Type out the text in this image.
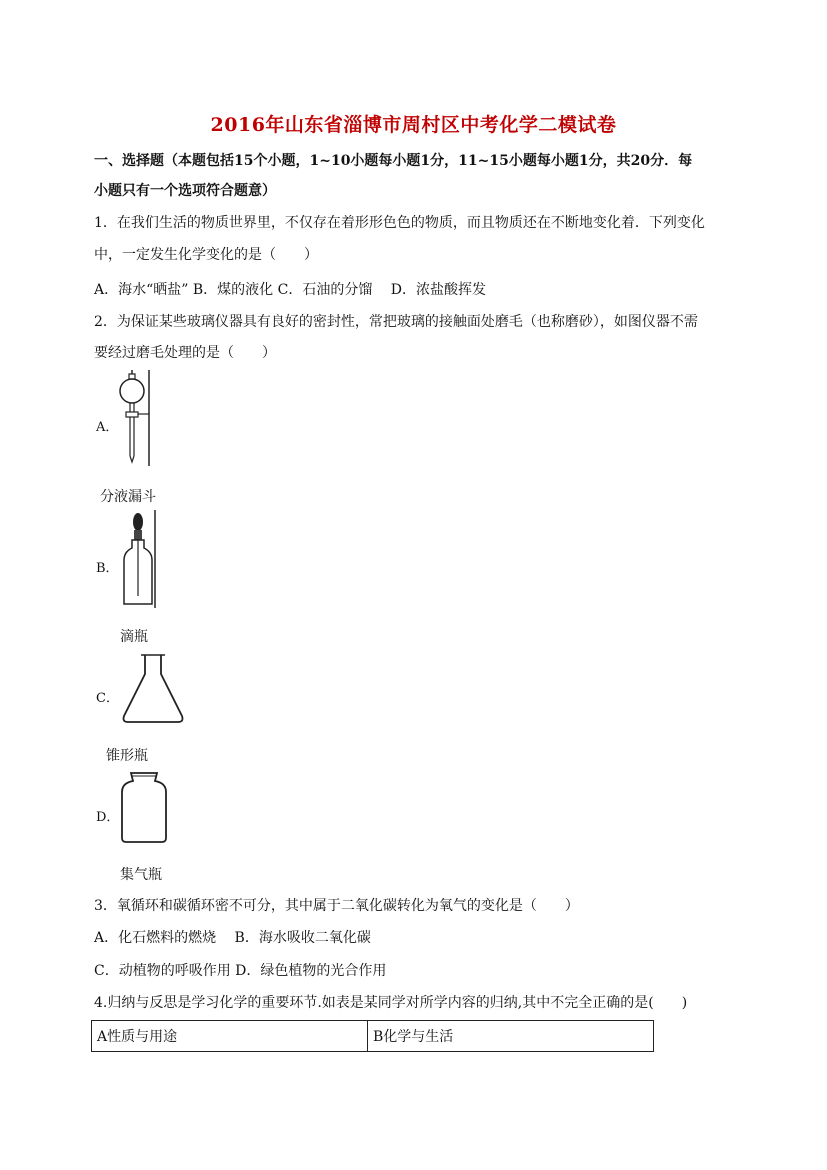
2016年山东省淄博市周村区中考化学二模试卷
一、选择题（本题包括15个小题，1~10小题每小题1分，11~15小题每小题1分，共20分．每
小题只有一个选项符合题意）
1．在我们生活的物质世界里，不仅存在着形形色色的物质，而且物质还在不断地变化着．下列变化
中，一定发生化学变化的是（　　）
A．海水“晒盐” B．煤的液化 C．石油的分馏　 D．浓盐酸挥发
2．为保证某些玻璃仪器具有良好的密封性，常把玻璃的接触面处磨毛（也称磨砂），如图仪器不需
要经过磨毛处理的是（　　）
A．
分液漏斗
B．
滴瓶
C．
锥形瓶
D．
集气瓶
3．氧循环和碳循环密不可分，其中属于二氧化碳转化为氧气的变化是（　　）
A．化石燃料的燃烧　 B．海水吸收二氧化碳
C．动植物的呼吸作用 D．绿色植物的光合作用
4.归纳与反思是学习化学的重要环节.如表是某同学对所学内容的归纳,其中不完全正确的是(　　)
A性质与用途	B化学与生活
